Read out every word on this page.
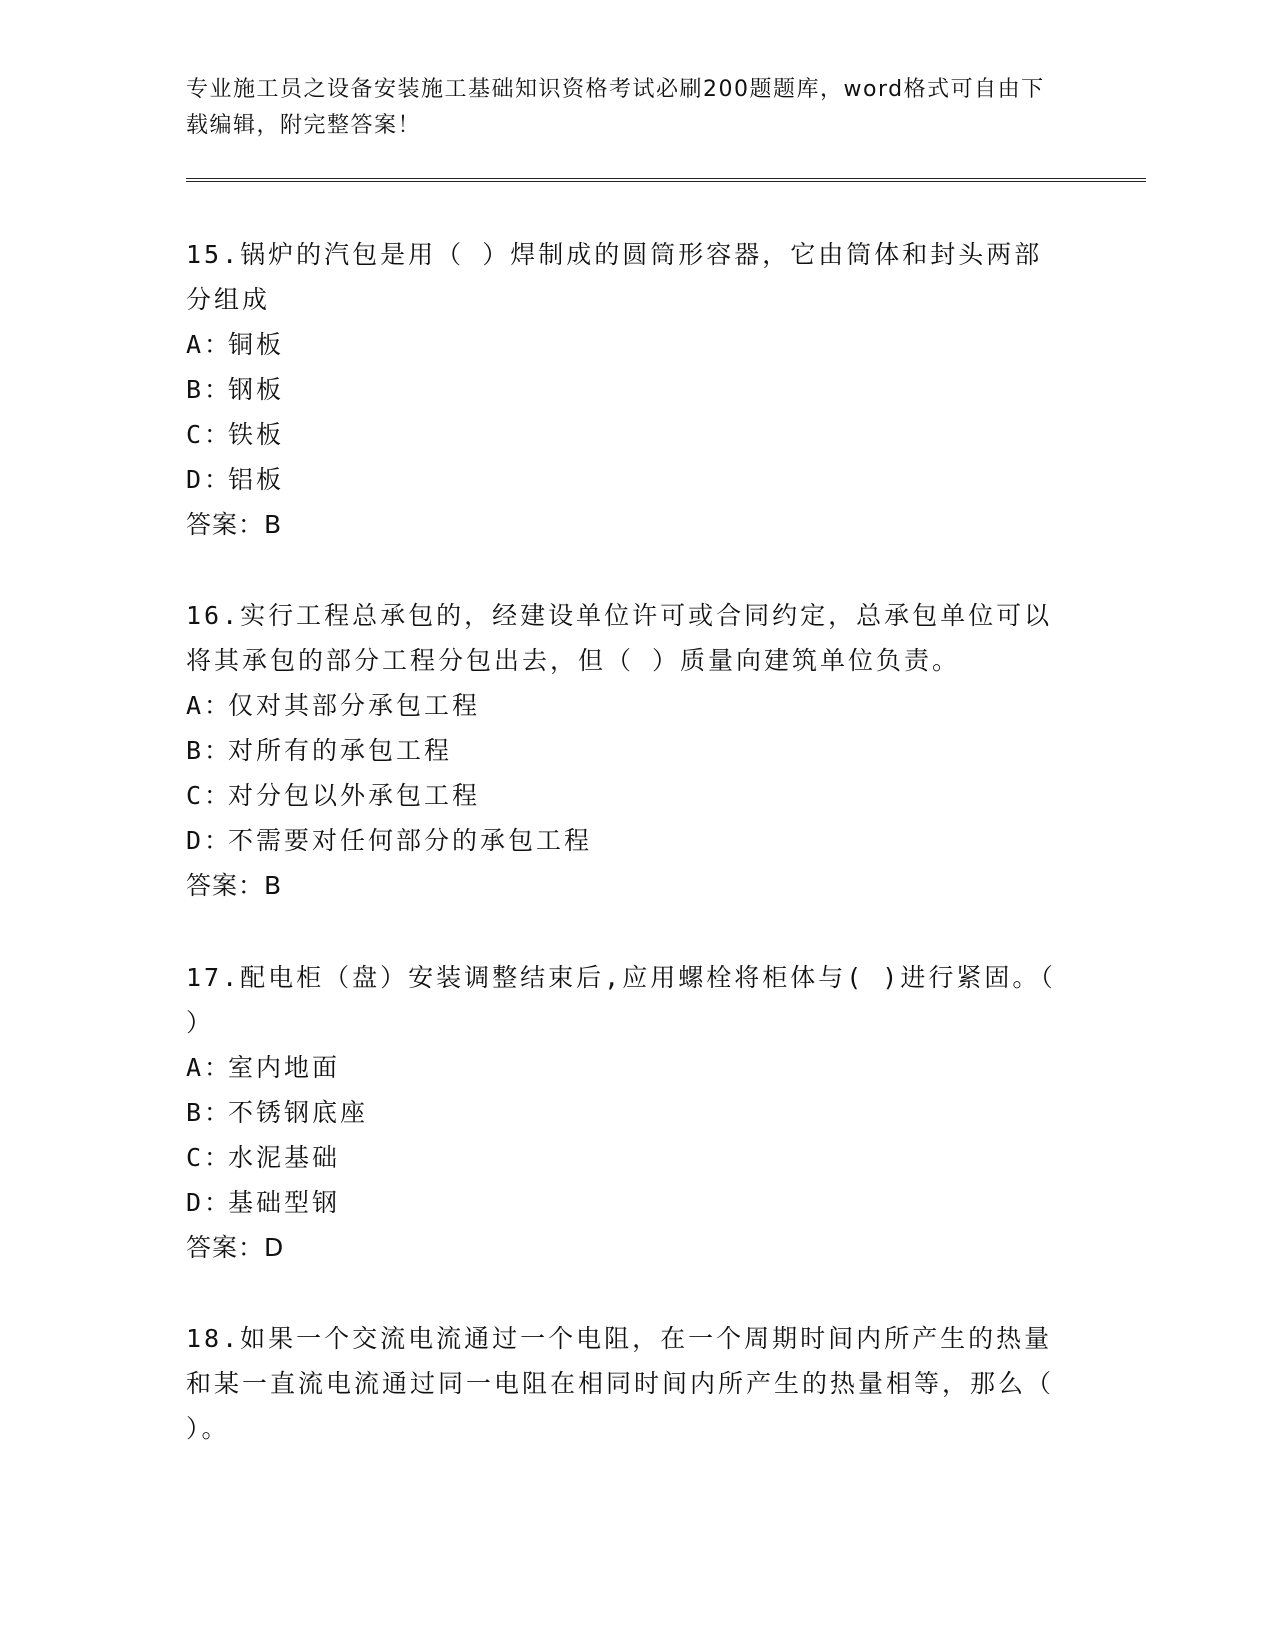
专业施工员之设备安装施工基础知识资格考试必刷200题题库，word格式可自由下载编辑，附完整答案！

15.锅炉的汽包是用（ ）焊制成的圆筒形容器，它由筒体和封头两部分组成

A：
铜板

B：
钢板

C：
铁板

D：
铝板

答案：B

16.实行工程总承包的，经建设单位许可或合同约定，总承包单位可以将其承包的部分工程分包出去，但（ ）质量向建筑单位负责。

A：
仅对其部分承包工程

B：
对所有的承包工程

C：
对分包以外承包工程

D：
不需要对任何部分的承包工程

答案：B

17.配电柜（盘）安装调整结束后,应用螺栓将柜体与( )进行紧固。（ ）

A：
室内地面

B：
不锈钢底座

C：
水泥基础

D：
基础型钢

答案：D

18.如果一个交流电流通过一个电阻，在一个周期时间内所产生的热量和某一直流电流通过同一电阻在相同时间内所产生的热量相等，那么（ ）。
